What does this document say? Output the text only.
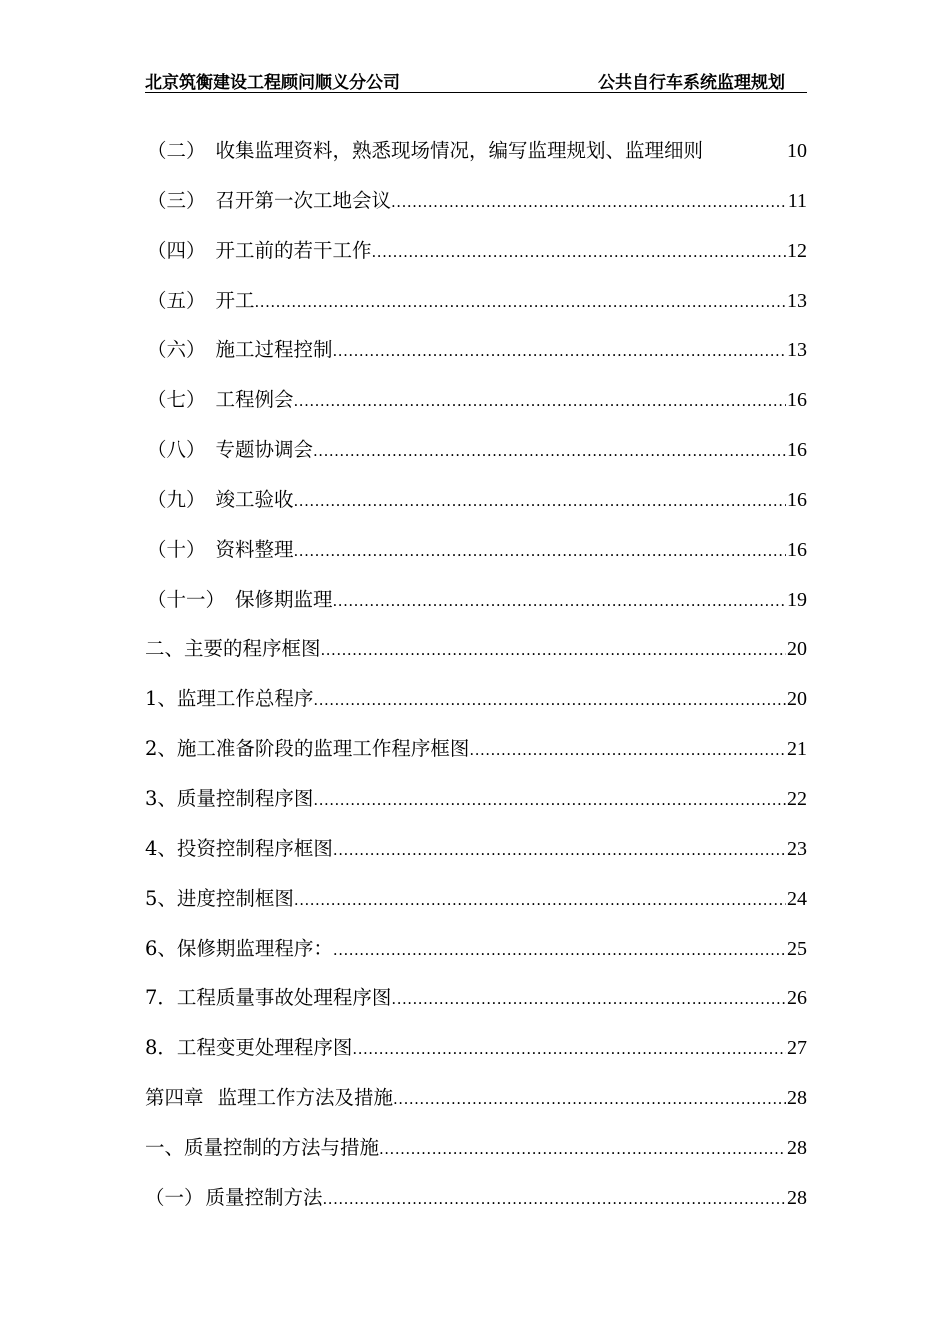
北京筑衡建设工程顾问顺义分公司	公共自行车系统监理规划
（二） 收集监理资料，熟悉现场情况，编写监理规划、监理细则	10
（三） 召开第一次工地会议 .....	11
（四） 开工前的若干工作 .....	12
（五） 开工 .....	13
（六） 施工过程控制 .....	13
（七） 工程例会 .....	16
（八） 专题协调会 .....	16
（九） 竣工验收 .....	16
（十） 资料整理 .....	16
（十一） 保修期监理 .....	19
二、主要的程序框图 .....	20
1、监理工作总程序 .....	20
2、施工准备阶段的监理工作程序框图 .....	21
3、质量控制程序图 .....	22
4、投资控制程序框图 .....	23
5、进度控制框图 .....	24
6、保修期监理程序： .....	25
7．工程质量事故处理程序图 .....	26
8．工程变更处理程序图 .....	27
第四章 监理工作方法及措施 .....	28
一、质量控制的方法与措施 .....	28
（一） 质量控制方法 .....	28
